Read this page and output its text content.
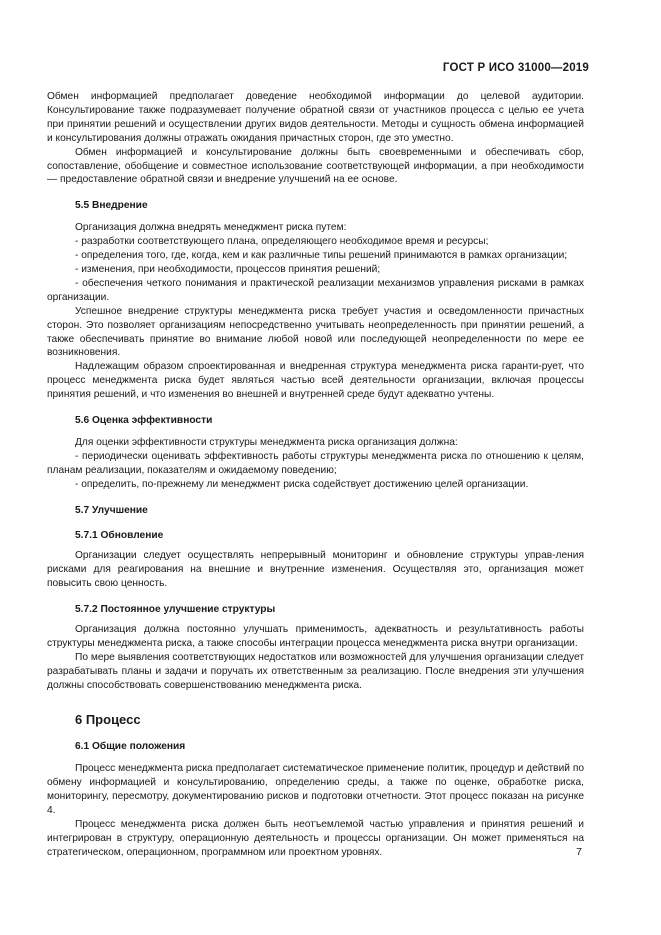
ГОСТ Р ИСО 31000—2019

Обмен информацией предполагает доведение необходимой информации до целевой аудитории. Консультирование также подразумевает получение обратной связи от участников процесса с целью ее учета при принятии решений и осуществлении других видов деятельности. Методы и сущность обмена информацией и консультирования должны отражать ожидания причастных сторон, где это уместно.

Обмен информацией и консультирование должны быть своевременными и обеспечивать сбор, сопоставление, обобщение и совместное использование соответствующей информации, а при необходимости — предоставление обратной связи и внедрение улучшений на ее основе.

5.5 Внедрение

Организация должна внедрять менеджмент риска путем:

- разработки соответствующего плана, определяющего необходимое время и ресурсы;

- определения того, где, когда, кем и как различные типы решений принимаются в рамках организации;

- изменения, при необходимости, процессов принятия решений;

- обеспечения четкого понимания и практической реализации механизмов управления рисками в рамках организации.

Успешное внедрение структуры менеджмента риска требует участия и осведомленности причастных сторон. Это позволяет организациям непосредственно учитывать неопределенность при принятии решений, а также обеспечивать принятие во внимание любой новой или последующей неопределенности по мере ее возникновения.

Надлежащим образом спроектированная и внедренная структура менеджмента риска гаранти-рует, что процесс менеджмента риска будет являться частью всей деятельности организации, включая процессы принятия решений, и что изменения во внешней и внутренней среде будут адекватно учтены.

5.6 Оценка эффективности

Для оценки эффективности структуры менеджмента риска организация должна:

- периодически оценивать эффективность работы структуры менеджмента риска по отношению к целям, планам реализации, показателям и ожидаемому поведению;

- определить, по-прежнему ли менеджмент риска содействует достижению целей организации.

5.7 Улучшение

5.7.1 Обновление

Организации следует осуществлять непрерывный мониторинг и обновление структуры управ-ления рисками для реагирования на внешние и внутренние изменения. Осуществляя это, организация может повысить свою ценность.

5.7.2 Постоянное улучшение структуры

Организация должна постоянно улучшать применимость, адекватность и результативность работы структуры менеджмента риска, а также способы интеграции процесса менеджмента риска внутри организации.

По мере выявления соответствующих недостатков или возможностей для улучшения организации следует разрабатывать планы и задачи и поручать их ответственным за реализацию. После внедрения эти улучшения должны способствовать совершенствованию менеджмента риска.

6 Процесс

6.1 Общие положения

Процесс менеджмента риска предполагает систематическое применение политик, процедур и действий по обмену информацией и консультированию, определению среды, а также по оценке, обработке риска, мониторингу, пересмотру, документированию рисков и подготовки отчетности. Этот процесс показан на рисунке 4.

Процесс менеджмента риска должен быть неотъемлемой частью управления и принятия решений и интегрирован в структуру, операционную деятельность и процессы организации. Он может применяться на стратегическом, операционном, программном или проектном уровнях.	7
